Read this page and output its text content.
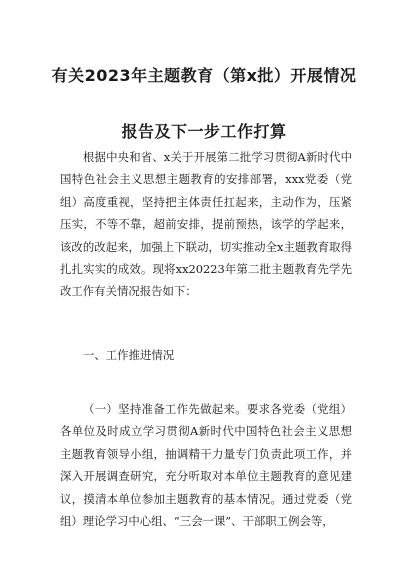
有关2023年主题教育（第x批）开展情况
报告及下一步工作打算

根据中央和省、x关于开展第二批学习贯彻A新时代中国特色社会主义思想主题教育的安排部署，xxx党委（党组）高度重视，坚持把主体责任扛起来，主动作为，压紧压实，不等不靠，超前安排，提前预热，该学的学起来，该改的改起来，加强上下联动，切实推动全x主题教育取得扎扎实实的成效。现将xx20223年第二批主题教育先学先改工作有关情况报告如下：

一、工作推进情况

（一）坚持准备工作先做起来。要求各党委（党组）各单位及时成立学习贯彻A新时代中国特色社会主义思想主题教育领导小组，抽调精干力量专门负责此项工作，并深入开展调查研究，充分听取对本单位主题教育的意见建议，摸清本单位参加主题教育的基本情况。通过党委（党组）理论学习中心组、“三会一课”、干部职工例会等，
